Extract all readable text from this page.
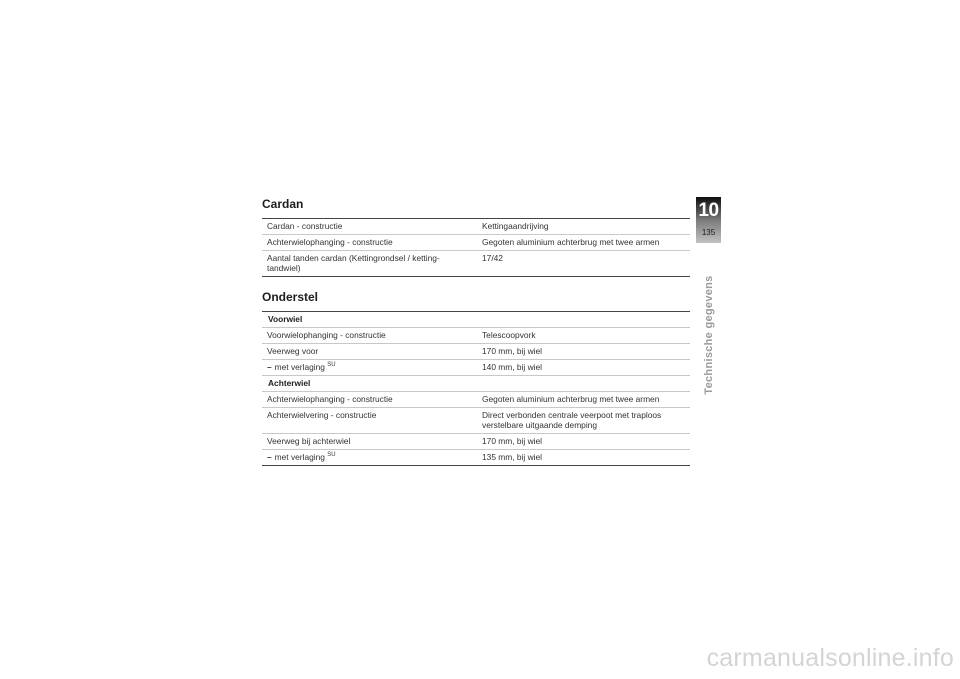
Cardan
Cardan - constructie	Kettingaandrijving
Achterwielophanging - constructie	Gegoten aluminium achterbrug met twee armen
Aantal tanden cardan (Kettingrondsel / ketting-tandwiel)	17/42
Onderstel
Voorwiel	
Voorwielophanging - constructie	Telescoopvork
Veerweg voor	170 mm, bij wiel
– met verlaging $^{SU}$	140 mm, bij wiel
Achterwiel	
Achterwielophanging - constructie	Gegoten aluminium achterbrug met twee armen
Achterwielvering - constructie	Direct verbonden centrale veerpoot met traploos verstelbare uitgaande demping
Veerweg bij achterwiel	170 mm, bij wiel
– met verlaging $^{SU}$	135 mm, bij wiel
10
135
Technische gegevens
carmanualsonline.info
